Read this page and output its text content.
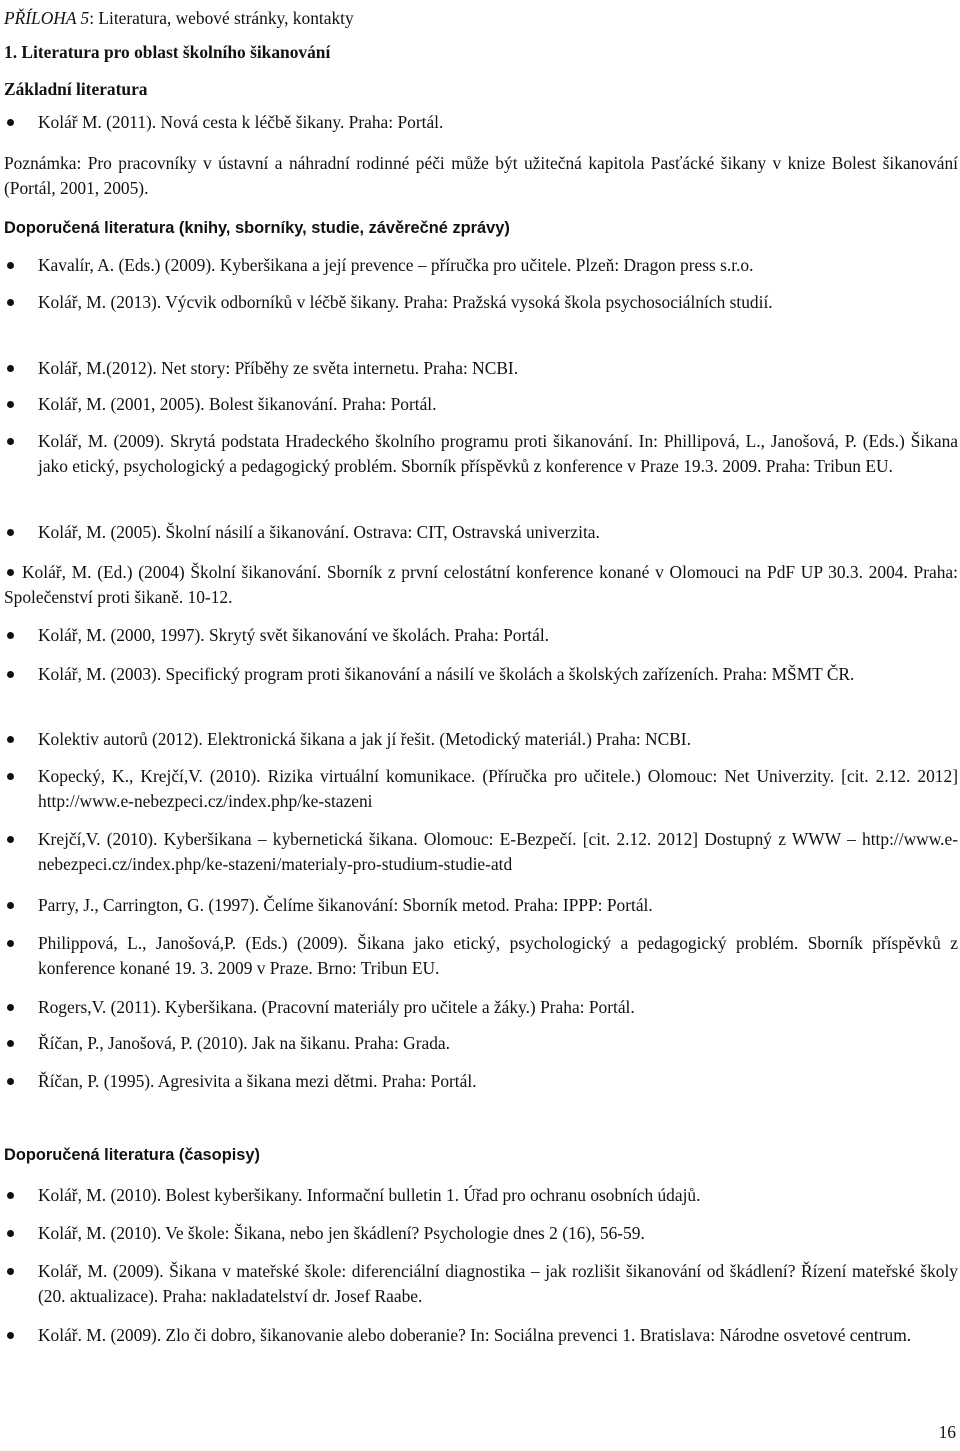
PŘÍLOHA 5: Literatura, webové stránky, kontakty
1. Literatura pro oblast školního šikanování
Základní literatura
Kolář M. (2011). Nová cesta k léčbě šikany. Praha: Portál.
Poznámka: Pro pracovníky v ústavní a náhradní rodinné péči může být užitečná kapitola Pasťácké šikany v knize Bolest šikanování (Portál, 2001, 2005).
Doporučená literatura (knihy, sborníky, studie, závěrečné zprávy)
Kavalír, A. (Eds.) (2009). Kyberšikana a její prevence – příručka pro učitele. Plzeň: Dragon press s.r.o.
Kolář, M. (2013). Výcvik odborníků v léčbě šikany. Praha: Pražská vysoká škola psychosociálních studií.
Kolář, M.(2012). Net story: Příběhy ze světa internetu. Praha: NCBI.
Kolář, M. (2001, 2005). Bolest šikanování. Praha: Portál.
Kolář, M. (2009). Skrytá podstata Hradeckého školního programu proti šikanování. In: Phillipová, L., Janošová, P. (Eds.) Šikana jako etický, psychologický a pedagogický problém. Sborník příspěvků z konference v Praze 19.3. 2009. Praha: Tribun EU.
Kolář, M. (2005). Školní násilí a šikanování. Ostrava: CIT, Ostravská univerzita.
Kolář, M. (Ed.) (2004) Školní šikanování. Sborník z první celostátní konference konané v Olomouci na PdF UP 30.3. 2004. Praha: Společenství proti šikaně. 10-12.
Kolář, M. (2000, 1997). Skrytý svět šikanování ve školách. Praha: Portál.
Kolář, M. (2003). Specifický program proti šikanování a násilí ve školách a školských zařízeních. Praha: MŠMT ČR.
Kolektiv autorů (2012). Elektronická šikana a jak jí řešit. (Metodický materiál.) Praha: NCBI.
Kopecký, K., Krejčí,V. (2010). Rizika virtuální komunikace. (Příručka pro učitele.) Olomouc: Net Univerzity. [cit. 2.12. 2012] http://www.e-nebezpeci.cz/index.php/ke-stazeni
Krejčí,V. (2010). Kyberšikana – kybernetická šikana. Olomouc: E-Bezpečí. [cit. 2.12. 2012] Dostupný z WWW – http://www.e-nebezpeci.cz/index.php/ke-stazeni/materialy-pro-studium-studie-atd
Parry, J., Carrington, G. (1997). Čelíme šikanování: Sborník metod. Praha: IPPP: Portál.
Philippová, L., Janošová,P. (Eds.) (2009). Šikana jako etický, psychologický a pedagogický problém. Sborník příspěvků z konference konané 19. 3. 2009 v Praze. Brno: Tribun EU.
Rogers,V. (2011). Kyberšikana. (Pracovní materiály pro učitele a žáky.) Praha: Portál.
Říčan, P., Janošová, P. (2010). Jak na šikanu. Praha: Grada.
Říčan, P. (1995). Agresivita a šikana mezi dětmi. Praha: Portál.
Doporučená literatura (časopisy)
Kolář, M. (2010). Bolest kyberšikany. Informační bulletin 1. Úřad pro ochranu osobních údajů.
Kolář, M. (2010). Ve škole: Šikana, nebo jen škádlení? Psychologie dnes 2 (16), 56-59.
Kolář, M. (2009). Šikana v mateřské škole: diferenciální diagnostika – jak rozlišit šikanování od škádlení? Řízení mateřské školy (20. aktualizace). Praha: nakladatelství dr. Josef Raabe.
Kolář. M. (2009). Zlo či dobro, šikanovanie alebo doberanie? In: Sociálna prevenci 1. Bratislava: Národne osvetové centrum.
16
